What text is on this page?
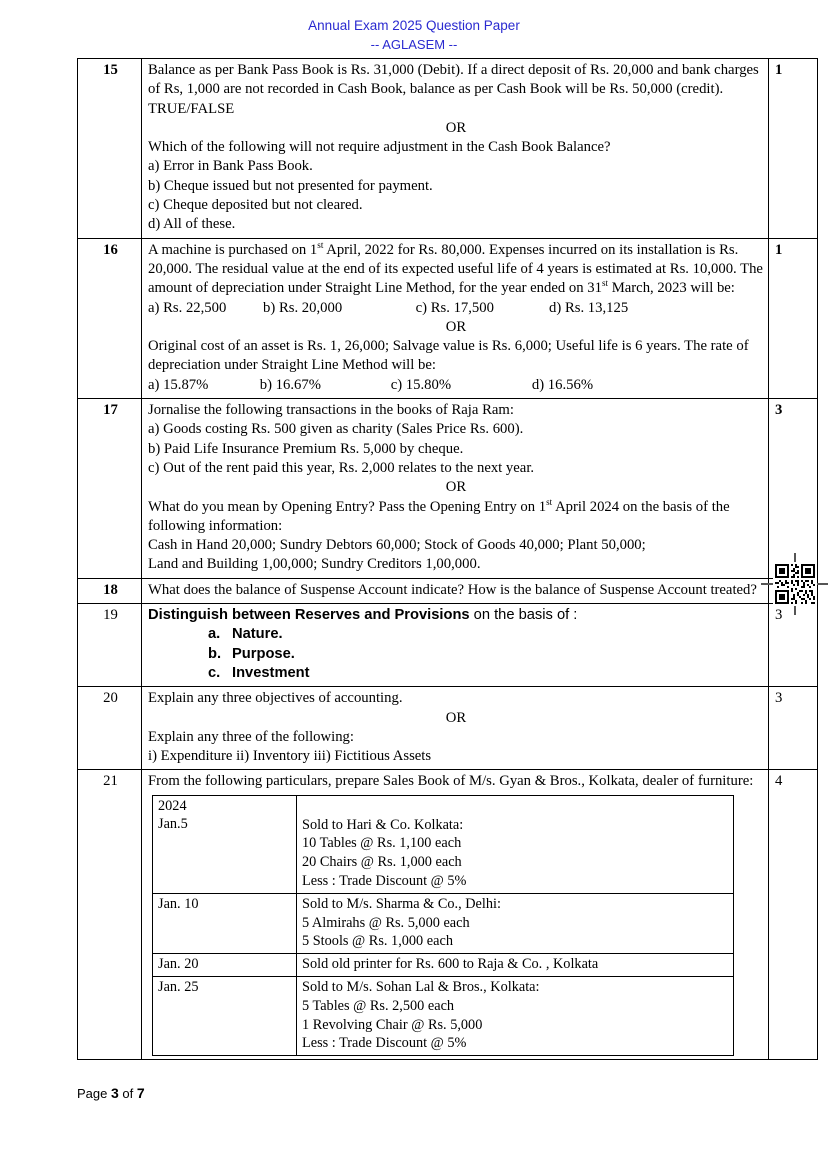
Annual Exam 2025 Question Paper
-- AGLASEM --
15	Balance as per Bank Pass Book is Rs. 31,000 (Debit). If a direct deposit of Rs. 20,000 and bank charges of Rs, 1,000 are not recorded in Cash Book, balance as per Cash Book will be Rs. 50,000 (credit). TRUE/FALSE
OR
Which of the following will not require adjustment in the Cash Book Balance?
a) Error in Bank Pass Book.
b) Cheque issued but not presented for payment.
c) Cheque deposited but not cleared.
d) All of these.
	1
16	A machine is purchased on 1st April, 2022 for Rs. 80,000. Expenses incurred on its installation is Rs. 20,000. The residual value at the end of its expected useful life of 4 years is estimated at Rs. 10,000. The amount of depreciation under Straight Line Method, for the year ended on 31st March, 2023 will be:
a) Rs. 22,500          b) Rs. 20,000                    c) Rs. 17,500               d) Rs. 13,125
OR
Original cost of an asset is Rs. 1, 26,000; Salvage value is Rs. 6,000; Useful life is 6 years. The rate of depreciation under Straight Line Method will be:
a) 15.87%              b) 16.67%                   c) 15.80%                      d) 16.56%
	1
17	Jornalise the following transactions in the books of Raja Ram:
a) Goods costing Rs. 500 given as charity (Sales Price Rs. 600).
b) Paid Life Insurance Premium Rs. 5,000 by cheque.
c) Out of the rent paid this year, Rs. 2,000 relates to the next year.
OR
What do you mean by Opening Entry? Pass the Opening Entry on 1st April 2024 on the basis of the following information:
Cash in Hand 20,000; Sundry Debtors 60,000; Stock of Goods 40,000; Plant 50,000;
Land and Building 1,00,000; Sundry Creditors 1,00,000.
	3
18	What does the balance of Suspense Account indicate? How is the balance of Suspense Account treated?

19	Distinguish between Reserves and Provisions on the basis of :
a. Nature.
b. Purpose.
c. Investment
	3
20	Explain any three objectives of accounting.
OR
Explain any three of the following:
i) Expenditure ii) Inventory iii) Fictitious Assets
	3
21	From the following particulars, prepare Sales Book of M/s. Gyan & Bros., Kolkata, dealer of furniture:
2024
Jan.5	Sold to Hari & Co. Kolkata:
10 Tables @ Rs. 1,100 each
20 Chairs @ Rs. 1,000 each
Less : Trade Discount @ 5%

Jan. 10	Sold to M/s. Sharma & Co., Delhi:
5 Almirahs @ Rs. 5,000 each
5 Stools @ Rs. 1,000 each

Jan. 20	Sold old printer for Rs. 600 to Raja & Co. , Kolkata

Jan. 25	Sold to M/s. Sohan Lal & Bros., Kolkata:
5 Tables @ Rs. 2,500 each
1 Revolving Chair @ Rs. 5,000
Less : Trade Discount @ 5%
	4
Page 3 of 7
